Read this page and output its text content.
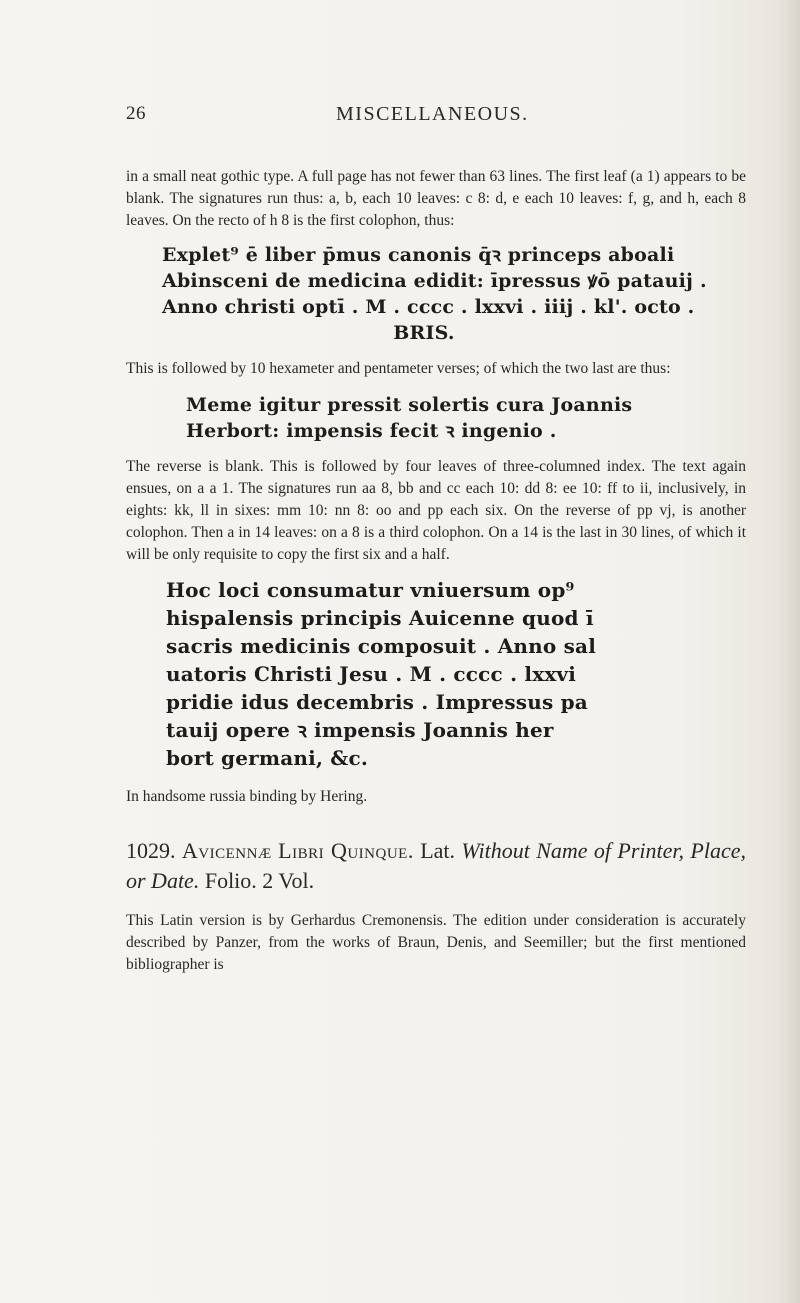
26	MISCELLANEOUS.

in a small neat gothic type. A full page has not fewer than 63 lines. The first leaf (a 1) appears to be blank. The signatures run thus: a, b, each 10 leaves: c 8: d, e each 10 leaves: f, g, and h, each 8 leaves. On the recto of h 8 is the first colophon, thus:

Explet⁹ ē liber p̄mus canonis q̄ꝛ princeps aboali
Abinsceni de medicina edidit: īpressus ꝟō patauij .
Anno christi optī . M . cccc . lxxvi . iiij . kl'. octo .
BRIS.

This is followed by 10 hexameter and pentameter verses; of which the two last are thus:

Meme igitur pressit solertis cura Joannis
Herbort: impensis fecit ꝛ ingenio .

The reverse is blank. This is followed by four leaves of three-columned index. The text again ensues, on a a 1. The signatures run aa 8, bb and cc each 10: dd 8: ee 10: ff to ii, inclusively, in eights: kk, ll in sixes: mm 10: nn 8: oo and pp each six. On the reverse of pp vj, is another colophon. Then a in 14 leaves: on a 8 is a third colophon. On a 14 is the last in 30 lines, of which it will be only requisite to copy the first six and a half.

Hoc loci consumatur vniuersum op⁹
hispalensis principis Auicenne quod ī
sacris medicinis composuit . Anno sal
uatoris Christi Jesu . M . cccc . lxxvi
pridie idus decembris . Impressus pa
tauij opere ꝛ impensis Joannis her
bort germani, &c.

In handsome russia binding by Hering.

1029. Avicennæ Libri Quinque. Lat. Without Name of Printer, Place, or Date. Folio. 2 Vol.

This Latin version is by Gerhardus Cremonensis. The edition under consideration is accurately described by Panzer, from the works of Braun, Denis, and Seemiller; but the first mentioned bibliographer is
